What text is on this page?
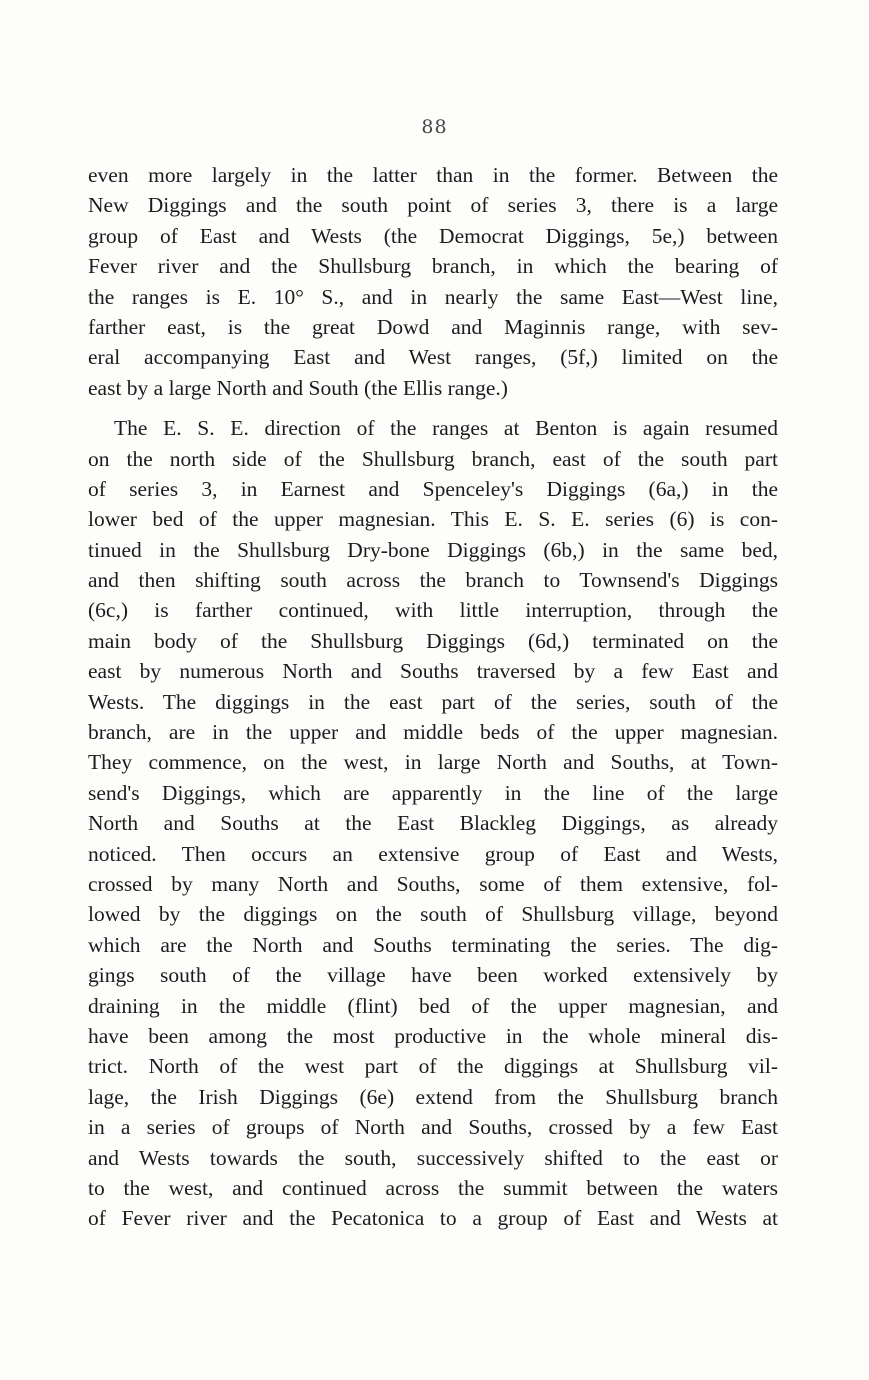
88
even more largely in the latter than in the former. Between the
New Diggings and the south point of series 3, there is a large
group of East and Wests (the Democrat Diggings, 5e,) between
Fever river and the Shullsburg branch, in which the bearing of
the ranges is E. 10° S., and in nearly the same East—West line,
farther east, is the great Dowd and Maginnis range, with sev-
eral accompanying East and West ranges, (5f,) limited on the
east by a large North and South (the Ellis range.)
The E. S. E. direction of the ranges at Benton is again resumed
on the north side of the Shullsburg branch, east of the south part
of series 3, in Earnest and Spenceley's Diggings (6a,) in the
lower bed of the upper magnesian. This E. S. E. series (6) is con-
tinued in the Shullsburg Dry-bone Diggings (6b,) in the same bed,
and then shifting south across the branch to Townsend's Diggings
(6c,) is farther continued, with little interruption, through the
main body of the Shullsburg Diggings (6d,) terminated on the
east by numerous North and Souths traversed by a few East and
Wests. The diggings in the east part of the series, south of the
branch, are in the upper and middle beds of the upper magnesian.
They commence, on the west, in large North and Souths, at Town-
send's Diggings, which are apparently in the line of the large
North and Souths at the East Blackleg Diggings, as already
noticed. Then occurs an extensive group of East and Wests,
crossed by many North and Souths, some of them extensive, fol-
lowed by the diggings on the south of Shullsburg village, beyond
which are the North and Souths terminating the series. The dig-
gings south of the village have been worked extensively by
draining in the middle (flint) bed of the upper magnesian, and
have been among the most productive in the whole mineral dis-
trict. North of the west part of the diggings at Shullsburg vil-
lage, the Irish Diggings (6e) extend from the Shullsburg branch
in a series of groups of North and Souths, crossed by a few East
and Wests towards the south, successively shifted to the east or
to the west, and continued across the summit between the waters
of Fever river and the Pecatonica to a group of East and Wests at
